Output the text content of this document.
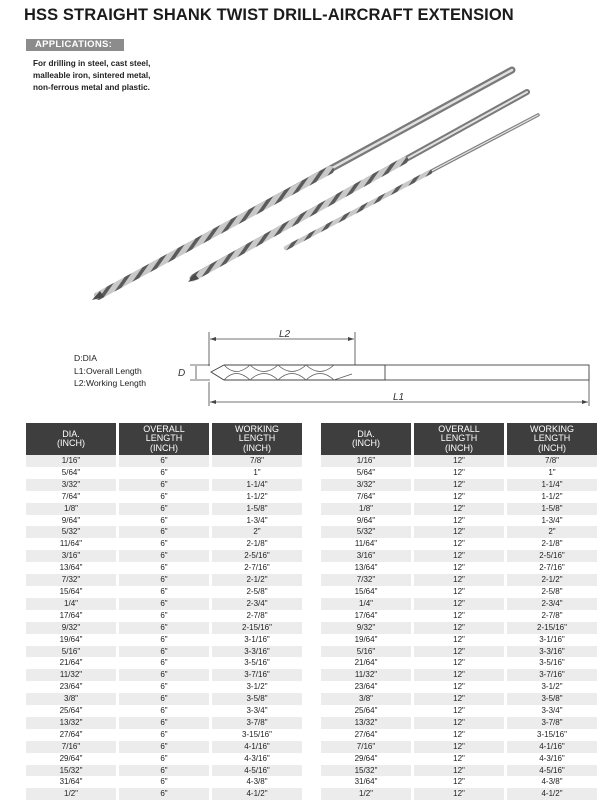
HSS STRAIGHT SHANK TWIST DRILL-AIRCRAFT EXTENSION
APPLICATIONS:
For drilling in steel, cast steel,
malleable iron, sintered metal,
non-ferrous metal and plastic.
L2
D
L1
D:DIA
L1:Overall Length
L2:Working Length
DIA.
(INCH)	OVERALL
LENGTH
(INCH)	WORKING
LENGTH
(INCH)

1/16"	6"	7/8"
5/64"	6"	1"
3/32"	6"	1-1/4"
7/64"	6"	1-1/2"
1/8"	6"	1-5/8"
9/64"	6"	1-3/4"
5/32"	6"	2"
11/64"	6"	2-1/8"
3/16"	6"	2-5/16"
13/64"	6"	2-7/16"
7/32"	6"	2-1/2"
15/64"	6"	2-5/8"
1/4"	6"	2-3/4"
17/64"	6"	2-7/8"
9/32"	6"	2-15/16"
19/64"	6"	3-1/16"
5/16"	6"	3-3/16"
21/64"	6"	3-5/16"
11/32"	6"	3-7/16"
23/64"	6"	3-1/2"
3/8"	6"	3-5/8"
25/64"	6"	3-3/4"
13/32"	6"	3-7/8"
27/64"	6"	3-15/16"
7/16"	6"	4-1/16"
29/64"	6"	4-3/16"
15/32"	6"	4-5/16"
31/64"	6"	4-3/8"
1/2"	6"	4-1/2"
DIA.
(INCH)	OVERALL
LENGTH
(INCH)	WORKING
LENGTH
(INCH)

1/16"	12"	7/8"
5/64"	12"	1"
3/32"	12"	1-1/4"
7/64"	12"	1-1/2"
1/8"	12"	1-5/8"
9/64"	12"	1-3/4"
5/32"	12"	2"
11/64"	12"	2-1/8"
3/16"	12"	2-5/16"
13/64"	12"	2-7/16"
7/32"	12"	2-1/2"
15/64"	12"	2-5/8"
1/4"	12"	2-3/4"
17/64"	12"	2-7/8"
9/32"	12"	2-15/16"
19/64"	12"	3-1/16"
5/16"	12"	3-3/16"
21/64"	12"	3-5/16"
11/32"	12"	3-7/16"
23/64"	12"	3-1/2"
3/8"	12"	3-5/8"
25/64"	12"	3-3/4"
13/32"	12"	3-7/8"
27/64"	12"	3-15/16"
7/16"	12"	4-1/16"
29/64"	12"	4-3/16"
15/32"	12"	4-5/16"
31/64"	12"	4-3/8"
1/2"	12"	4-1/2"
